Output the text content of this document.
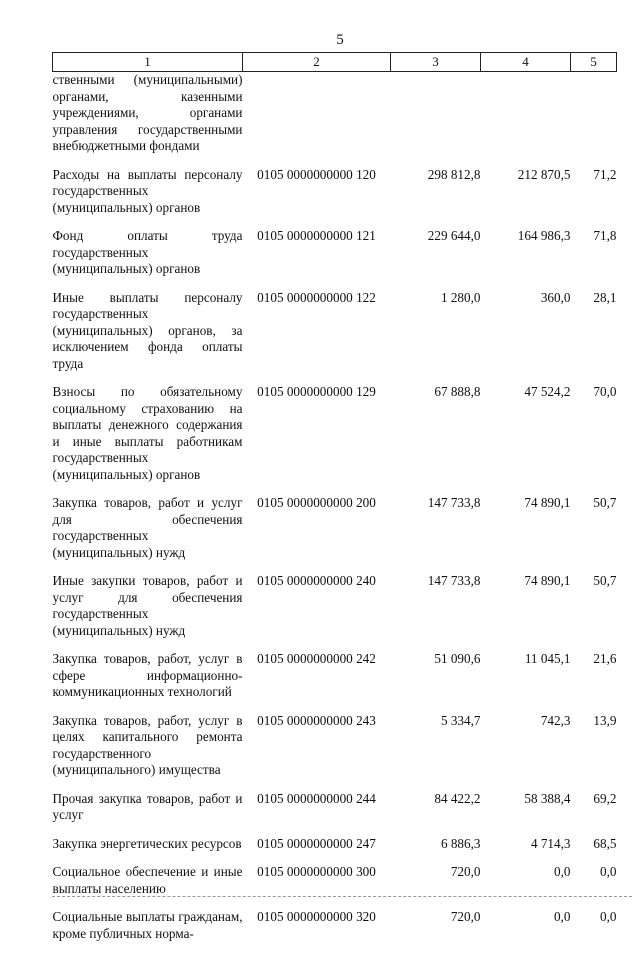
5
1	2	3	4	5

ственными (муниципальными) органами, казенными учреждениями, органами управления государственными внебюджетными фондами				

Расходы на выплаты персоналу государственных (муниципальных) органов	0105 0000000000 120	298 812,8	212 870,5	71,2

Фонд оплаты труда государственных (муниципальных) органов	0105 0000000000 121	229 644,0	164 986,3	71,8

Иные выплаты персоналу государственных (муниципальных) органов, за исключением фонда оплаты труда	0105 0000000000 122	1 280,0	360,0	28,1

Взносы по обязательному социальному страхованию на выплаты денежного содержания и иные выплаты работникам государственных (муниципальных) органов	0105 0000000000 129	67 888,8	47 524,2	70,0

Закупка товаров, работ и услуг для обеспечения государственных (муниципальных) нужд	0105 0000000000 200	147 733,8	74 890,1	50,7

Иные закупки товаров, работ и услуг для обеспечения государственных (муниципальных) нужд	0105 0000000000 240	147 733,8	74 890,1	50,7

Закупка товаров, работ, услуг в сфере информационно-коммуникационных технологий	0105 0000000000 242	51 090,6	11 045,1	21,6

Закупка товаров, работ, услуг в целях капитального ремонта государственного (муниципального) имущества	0105 0000000000 243	5 334,7	742,3	13,9

Прочая закупка товаров, работ и услуг	0105 0000000000 244	84 422,2	58 388,4	69,2

Закупка энергетических ресурсов	0105 0000000000 247	6 886,3	4 714,3	68,5

Социальное обеспечение и иные выплаты населению	0105 0000000000 300	720,0	0,0	0,0

Социальные выплаты гражданам, кроме публичных норма-	0105 0000000000 320	720,0	0,0	0,0
